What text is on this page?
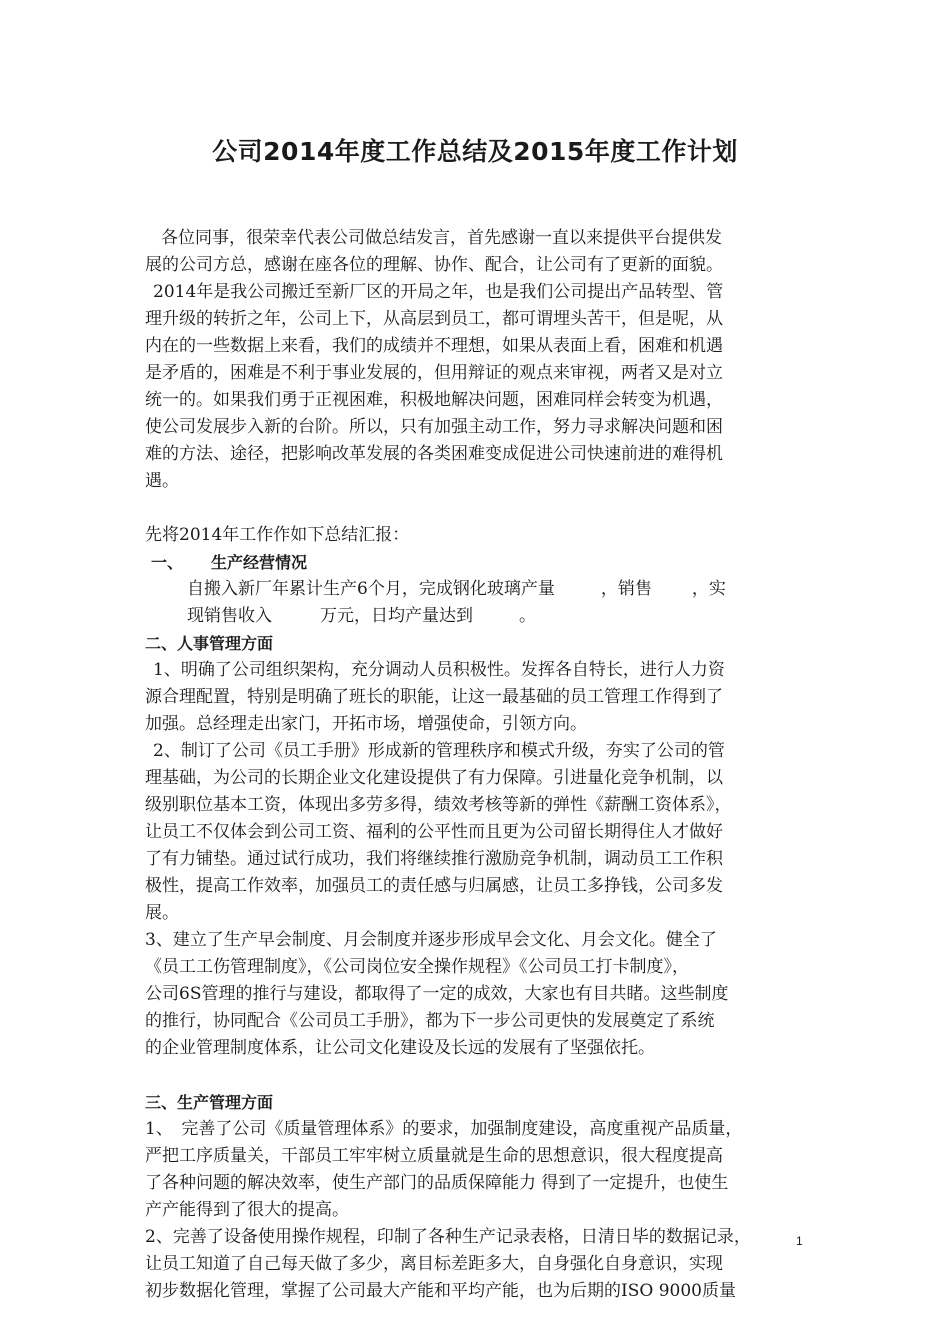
公司2014年度工作总结及2015年度工作计划

各位同事，很荣幸代表公司做总结发言，首先感谢一直以来提供平台提供发

展的公司方总，感谢在座各位的理解、协作、配合，让公司有了更新的面貌。

2014年是我公司搬迁至新厂区的开局之年，也是我们公司提出产品转型、管

理升级的转折之年，公司上下，从高层到员工，都可谓埋头苦干，但是呢，从

内在的一些数据上来看，我们的成绩并不理想，如果从表面上看，困难和机遇

是矛盾的，困难是不利于事业发展的，但用辩证的观点来审视，两者又是对立

统一的。如果我们勇于正视困难，积极地解决问题，困难同样会转变为机遇，

使公司发展步入新的台阶。所以，只有加强主动工作，努力寻求解决问题和困

难的方法、途径，把影响改革发展的各类困难变成促进公司快速前进的难得机

遇。

先将2014年工作作如下总结汇报：

一、 生产经营情况

自搬入新厂年累计生产6个月，完成钢化玻璃产量	，销售 ，实

现销售收入	万元，日均产量达到	。

二、人事管理方面

1、明确了公司组织架构，充分调动人员积极性。发挥各自特长，进行人力资

源合理配置，特别是明确了班长的职能，让这一最基础的员工管理工作得到了

加强。总经理走出家门，开拓市场，增强使命，引领方向。

2、制订了公司《员工手册》形成新的管理秩序和模式升级，夯实了公司的管

理基础，为公司的长期企业文化建设提供了有力保障。引进量化竞争机制，以

级别职位基本工资，体现出多劳多得，绩效考核等新的弹性《薪酬工资体系》，

让员工不仅体会到公司工资、福利的公平性而且更为公司留长期得住人才做好

了有力铺垫。通过试行成功，我们将继续推行激励竞争机制，调动员工工作积

极性，提高工作效率，加强员工的责任感与归属感，让员工多挣钱，公司多发

展。

3、建立了生产早会制度、月会制度并逐步形成早会文化、月会文化。健全了

《员工工伤管理制度》，《公司岗位安全操作规程》《公司员工打卡制度》，

公司6S管理的推行与建设，都取得了一定的成效，大家也有目共睹。这些制度

的推行，协同配合《公司员工手册》，都为下一步公司更快的发展奠定了系统

的企业管理制度体系，让公司文化建设及长远的发展有了坚强依托。

三、生产管理方面

1、　完善了公司《质量管理体系》的要求，加强制度建设，高度重视产品质量，

严把工序质量关，干部员工牢牢树立质量就是生命的思想意识，很大程度提高

了各种问题的解决效率，使生产部门的品质保障能力 得到了一定提升，也使生

产产能得到了很大的提高。

2、完善了设备使用操作规程，印制了各种生产记录表格，日清日毕的数据记录，

让员工知道了自己每天做了多少，离目标差距多大，自身强化自身意识，实现

初步数据化管理，掌握了公司最大产能和平均产能，也为后期的ISO 9000质量

1
